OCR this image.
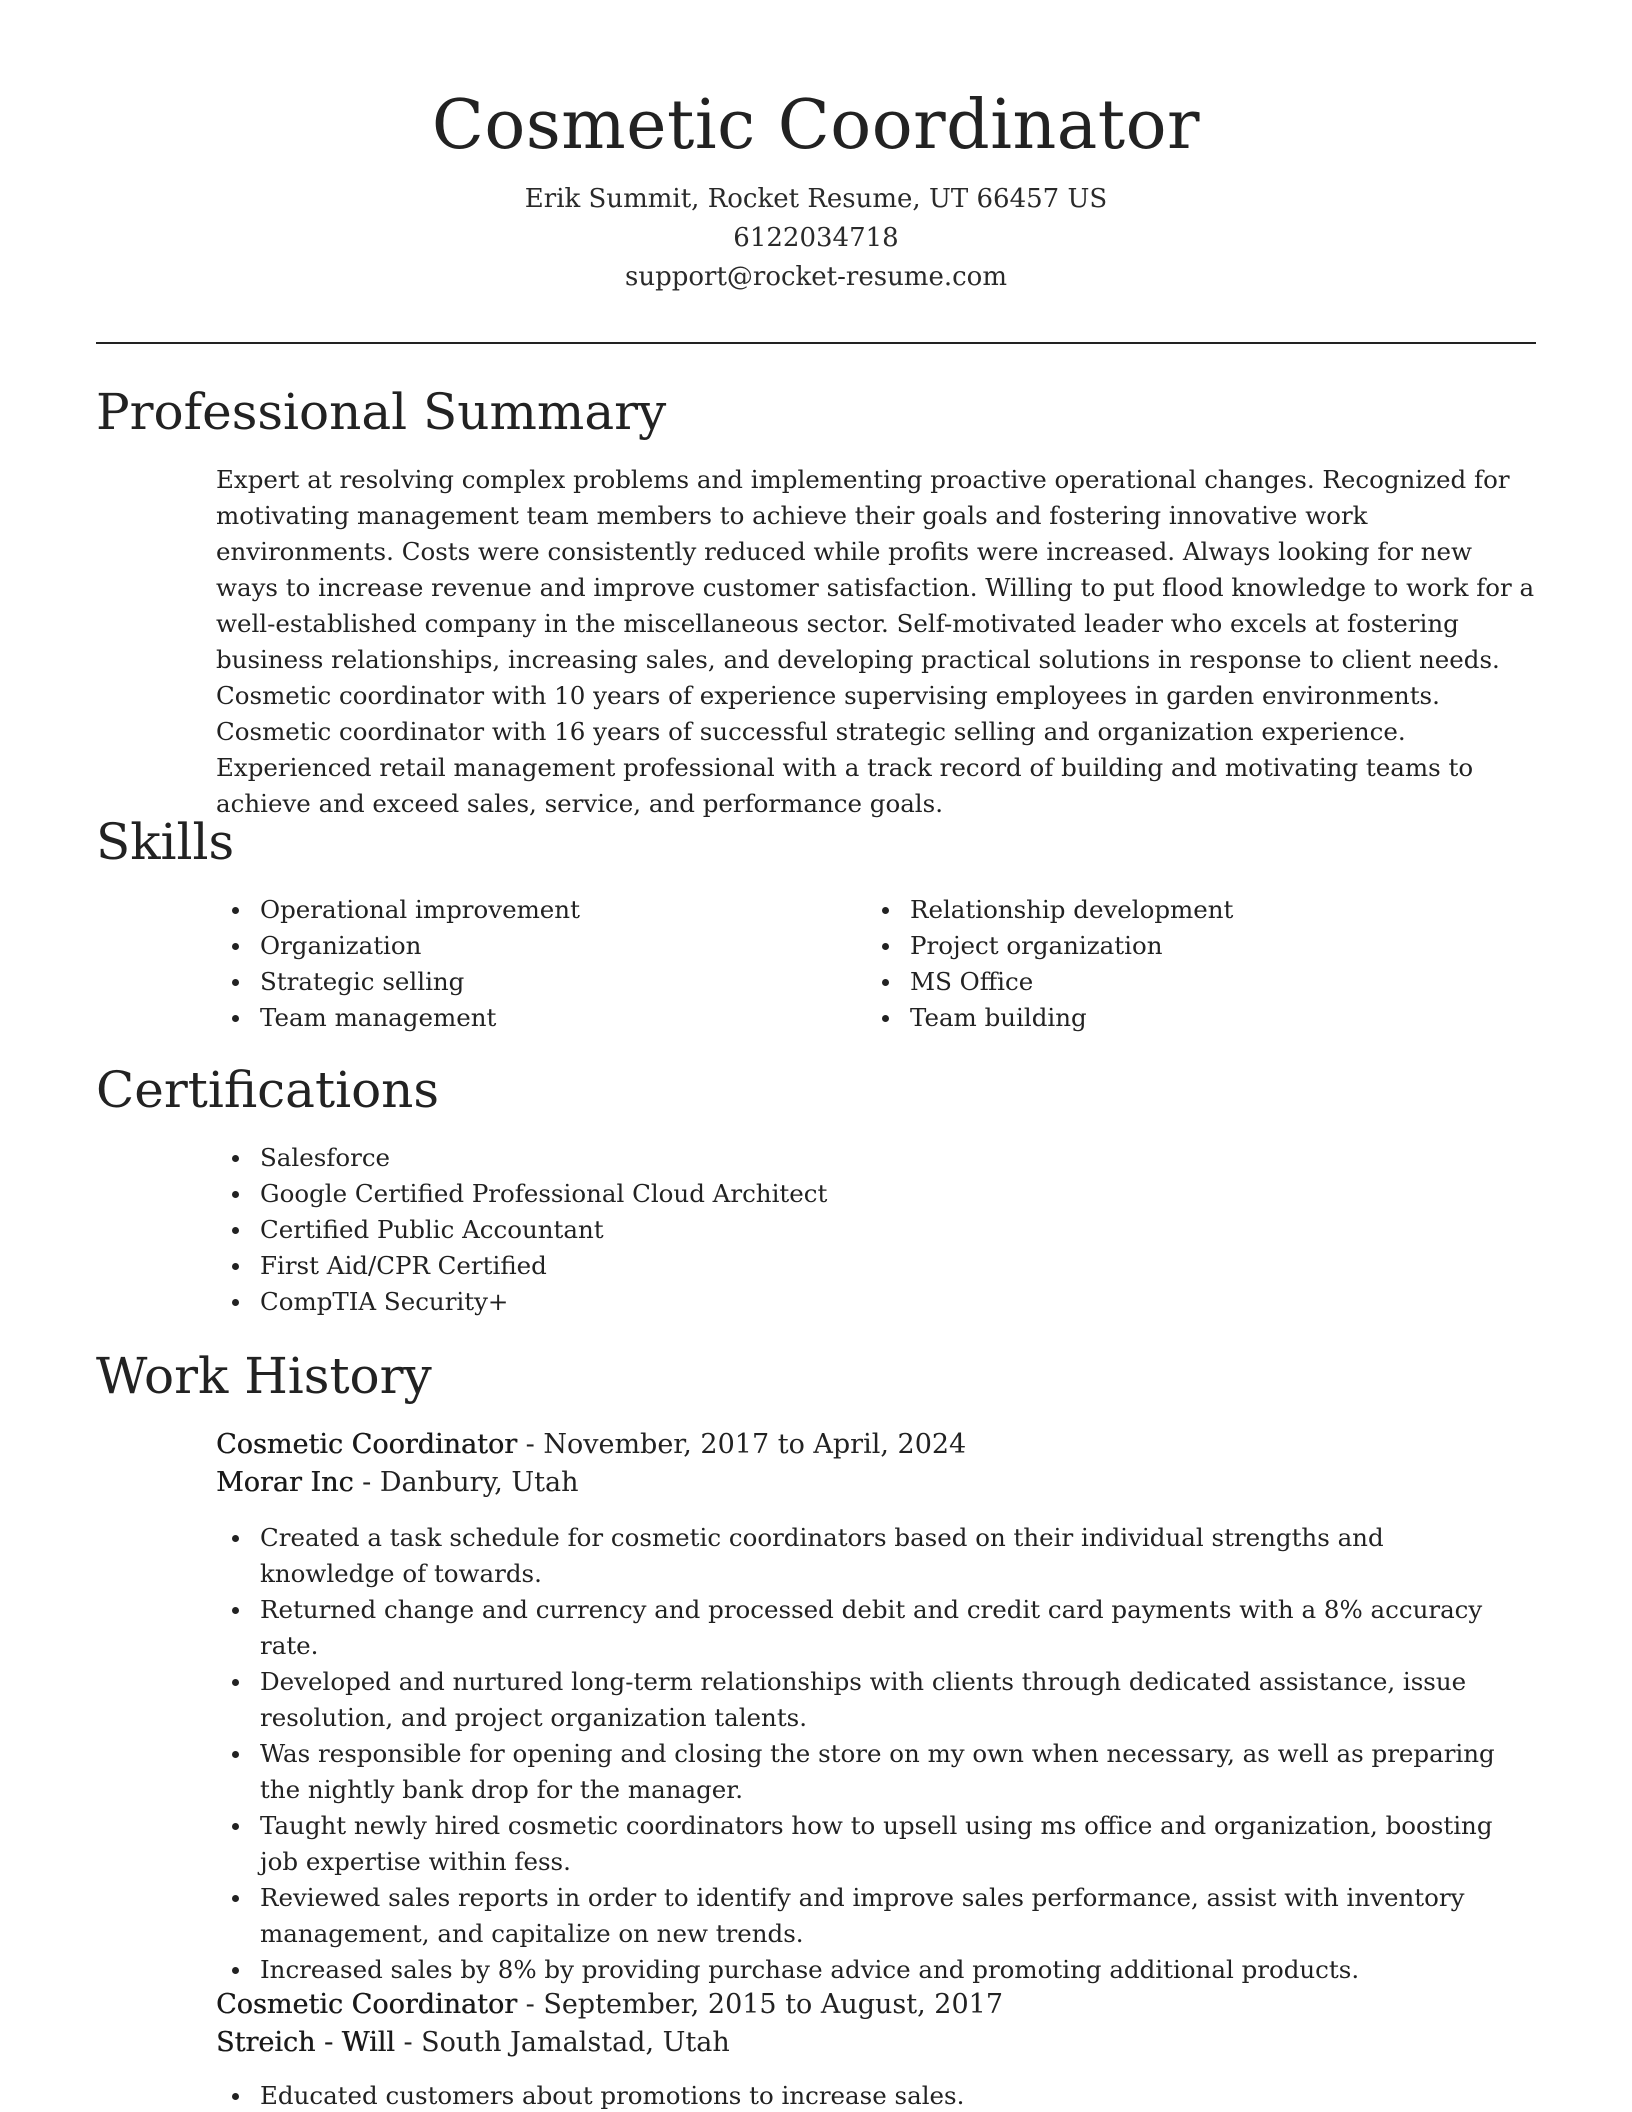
Cosmetic Coordinator
Erik Summit, Rocket Resume, UT 66457 US
6122034718
support@rocket-resume.com
Professional Summary
Expert at resolving complex problems and implementing proactive operational changes. Recognized for motivating management team members to achieve their goals and fostering innovative work environments. Costs were consistently reduced while profits were increased. Always looking for new ways to increase revenue and improve customer satisfaction. Willing to put flood knowledge to work for a well-established company in the miscellaneous sector. Self-motivated leader who excels at fostering business relationships, increasing sales, and developing practical solutions in response to client needs. Cosmetic coordinator with 10 years of experience supervising employees in garden environments. Cosmetic coordinator with 16 years of successful strategic selling and organization experience. Experienced retail management professional with a track record of building and motivating teams to achieve and exceed sales, service, and performance goals.
Skills
Operational improvement
Organization
Strategic selling
Team management
Relationship development
Project organization
MS Office
Team building
Certifications
Salesforce
Google Certified Professional Cloud Architect
Certified Public Accountant
First Aid/CPR Certified
CompTIA Security+
Work History
Cosmetic Coordinator - November, 2017 to April, 2024
Morar Inc - Danbury, Utah
Created a task schedule for cosmetic coordinators based on their individual strengths and knowledge of towards.
Returned change and currency and processed debit and credit card payments with a 8% accuracy rate.
Developed and nurtured long-term relationships with clients through dedicated assistance, issue resolution, and project organization talents.
Was responsible for opening and closing the store on my own when necessary, as well as preparing the nightly bank drop for the manager.
Taught newly hired cosmetic coordinators how to upsell using ms office and organization, boosting job expertise within fess.
Reviewed sales reports in order to identify and improve sales performance, assist with inventory management, and capitalize on new trends.
Increased sales by 8% by providing purchase advice and promoting additional products.
Cosmetic Coordinator - September, 2015 to August, 2017
Streich - Will - South Jamalstad, Utah
Educated customers about promotions to increase sales.
